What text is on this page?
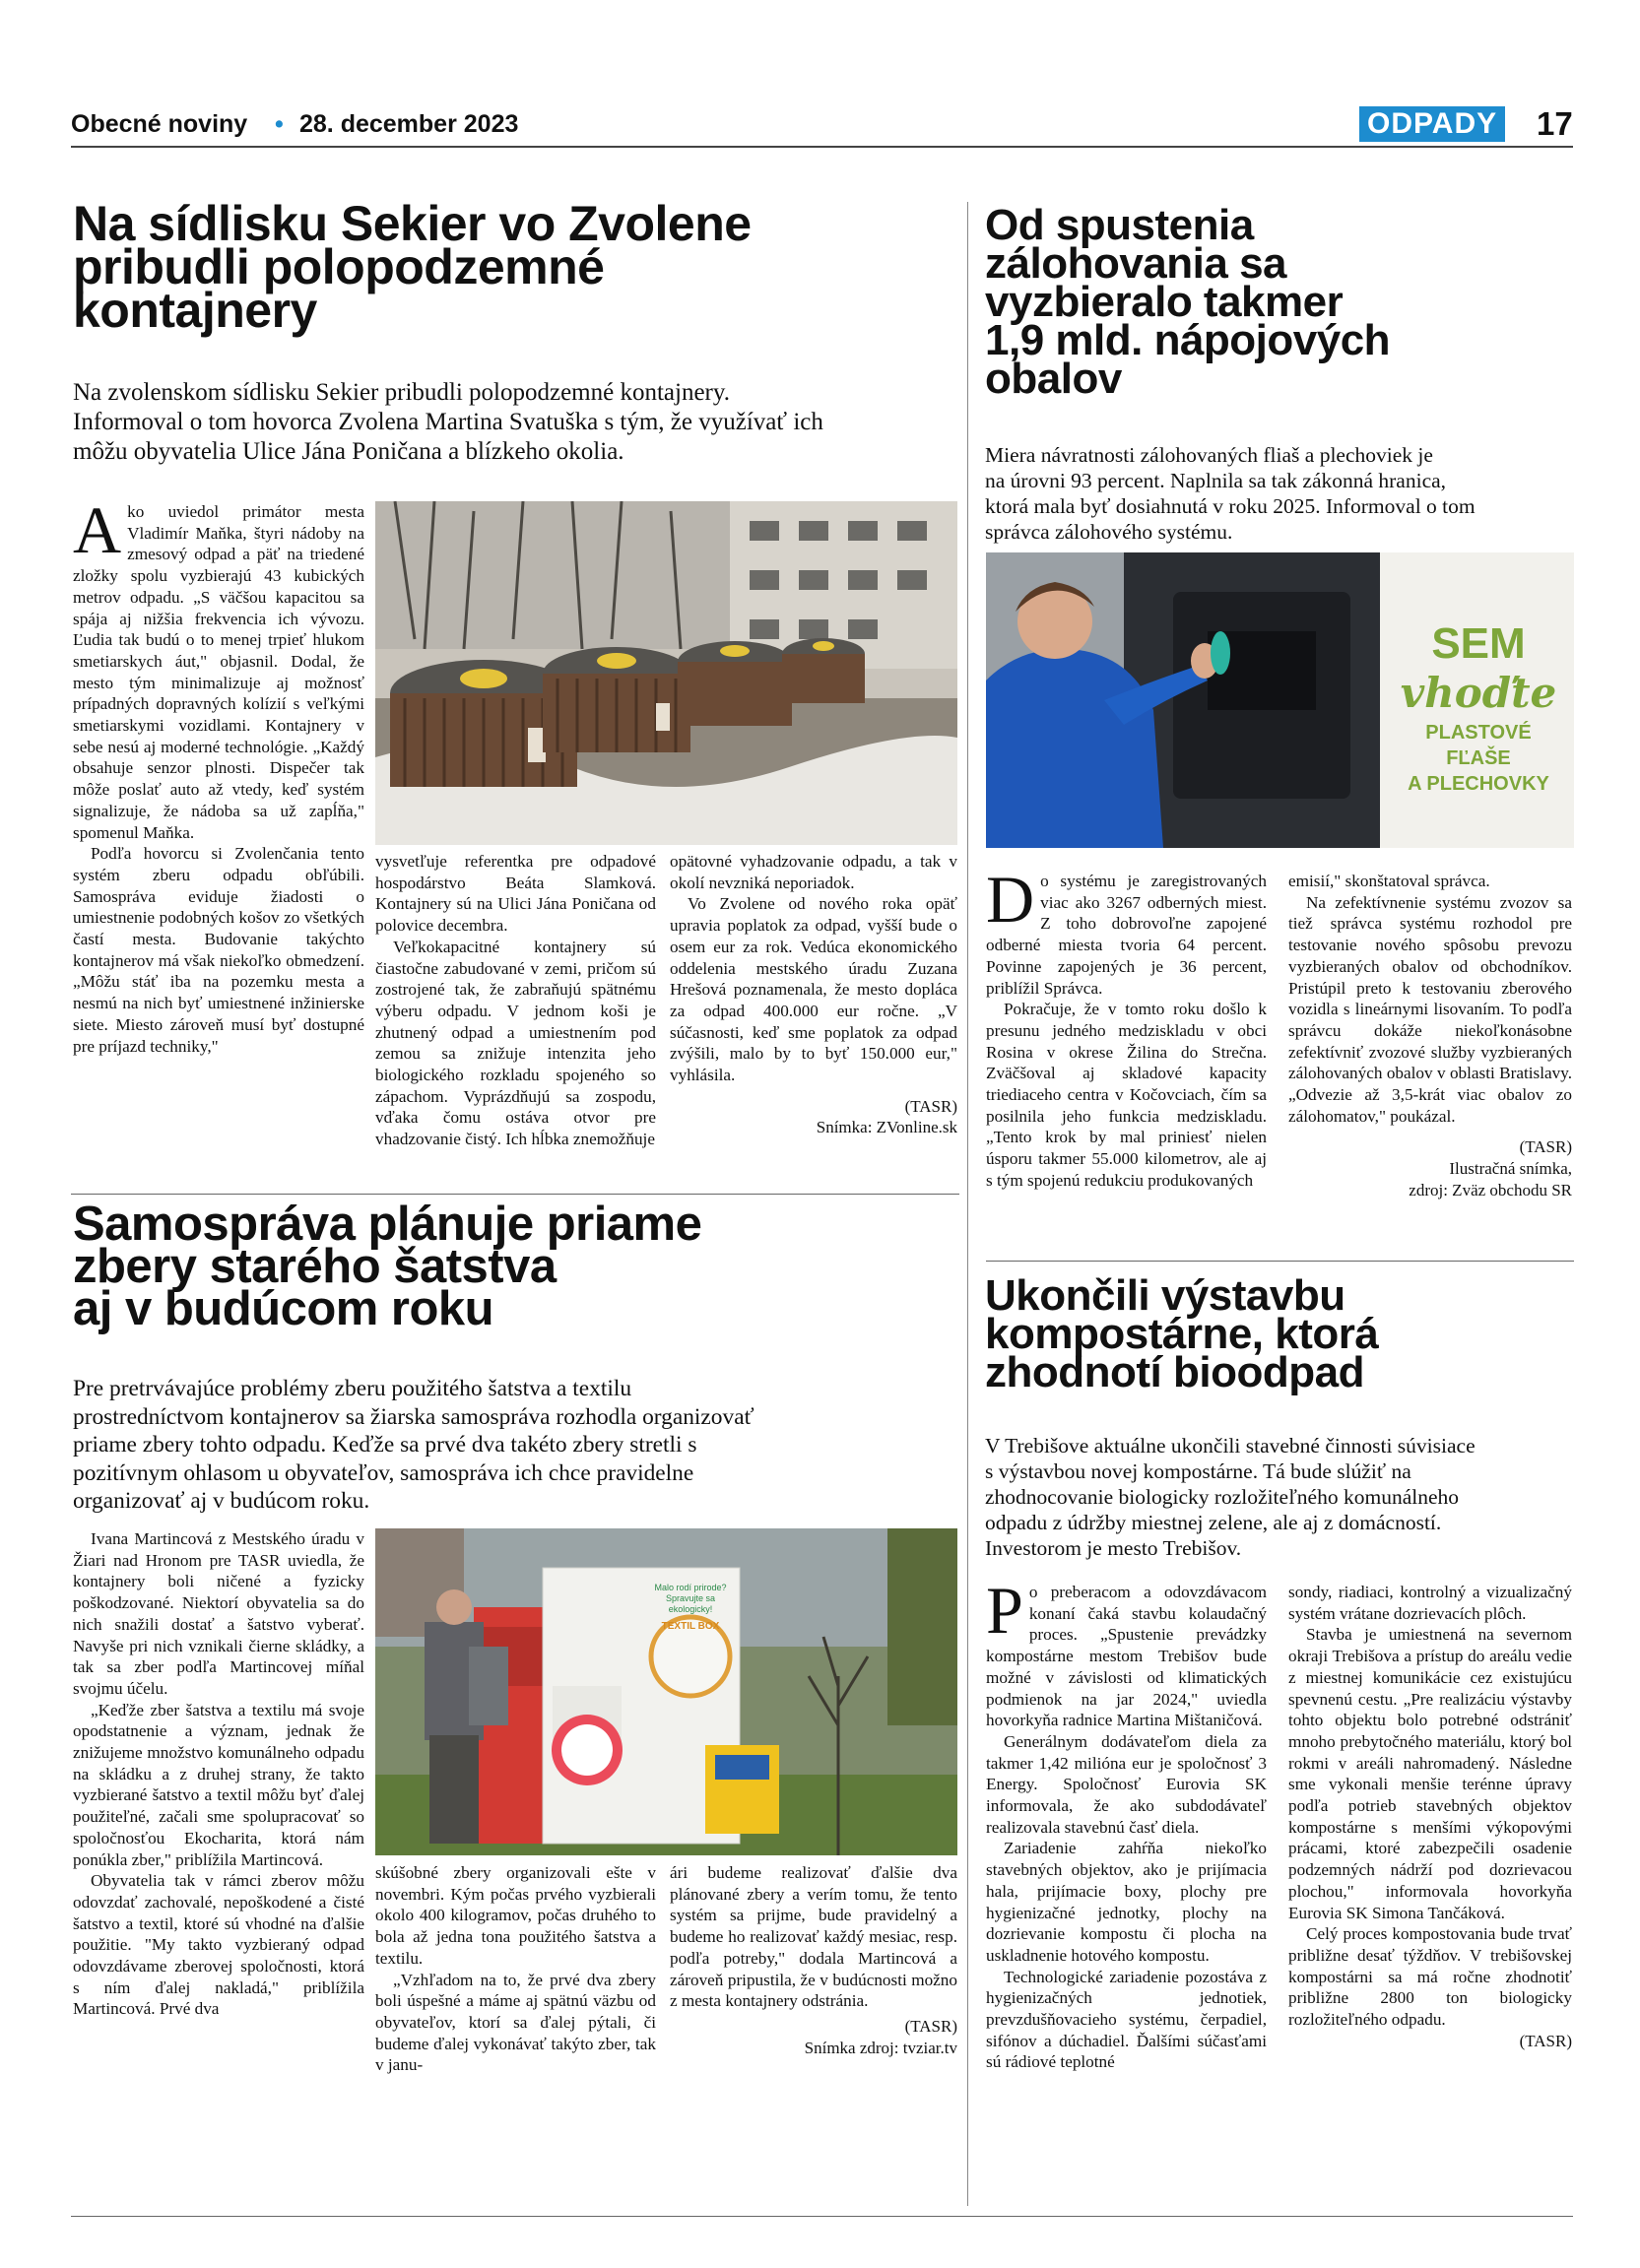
Obecné noviny • 28. december 2023	ODPADY 17
Na sídlisku Sekier vo Zvolene
pribudli polopodzemné
kontajnery
Na zvolenskom sídlisku Sekier pribudli polopodzemné kontajnery.
Informoval o tom hovorca Zvolena Martina Svatuška s tým, že využívať ich
môžu obyvatelia Ulice Jána Poničana a blízkeho okolia.

Ako uviedol primátor mesta Vladimír Maňka, štyri nádoby na zmesový odpad a päť na triedené zložky spolu vyzbierajú 43 kubických metrov odpadu. „S väčšou kapacitou sa spája aj nižšia frekvencia ich vývozu. Ľudia tak budú o to menej trpieť hlukom smetiarskych áut," objasnil. Dodal, že mesto tým minimalizuje aj možnosť prípadných dopravných kolízií s veľkými smetiarskymi vozidlami. Kontajnery v sebe nesú aj moderné technológie. „Každý obsahuje senzor plnosti. Dispečer tak môže poslať auto až vtedy, keď systém signalizuje, že nádoba sa už zapĺňa," spomenul Maňka.

Podľa hovorcu si Zvolenčania tento systém zberu odpadu obľúbili. Samospráva eviduje žiadosti o umiestnenie podobných košov zo všetkých častí mesta. Budovanie takýchto kontajnerov má však niekoľko obmedzení. „Môžu stáť iba na pozemku mesta a nesmú na nich byť umiestnené inžinierske siete. Miesto zároveň musí byť dostupné pre príjazd techniky,"

vysvetľuje referentka pre odpadové hospodárstvo Beáta Slamková. Kontajnery sú na Ulici Jána Poničana od polovice decembra.

Veľkokapacitné kontajnery sú čiastočne zabudované v zemi, pričom sú zostrojené tak, že zabraňujú spätnému výberu odpadu. V jednom koši je zhutnený odpad a umiestnením pod zemou sa znižuje intenzita jeho biologického rozkladu spojeného so zápachom. Vyprázdňujú sa zospodu, vďaka čomu ostáva otvor pre vhadzovanie čistý. Ich hĺbka znemožňuje

opätovné vyhadzovanie odpadu, a tak v okolí nevzniká neporiadok.

Vo Zvolene od nového roka opäť upravia poplatok za odpad, vyšší bude o osem eur za rok. Vedúca ekonomického oddelenia mestského úradu Zuzana Hrešová poznamenala, že mesto dopláca za odpad 400.000 eur ročne. „V súčasnosti, keď sme poplatok za odpad zvýšili, malo by to byť 150.000 eur," vyhlásila.

(TASR)
Snímka: ZVonline.sk
Od spustenia
zálohovania sa
vyzbieralo takmer
1,9 mld. nápojových
obalov
Miera návratnosti zálohovaných fliaš a plechoviek je
na úrovni 93 percent. Naplnila sa tak zákonná hranica,
ktorá mala byť dosiahnutá v roku 2025. Informoval o tom
správca zálohového systému.
SEM
vhoďte
PLASTOVÉ
FĽAŠE
A PLECHOVKY

Do systému je zaregistrovaných viac ako 3267 odberných miest. Z toho dobrovoľne zapojené odberné miesta tvoria 64 percent. Povinne zapojených je 36 percent, priblížil Správca.

Pokračuje, že v tomto roku došlo k presunu jedného medziskladu v obci Rosina v okrese Žilina do Strečna. Zväčšoval aj skladové kapacity triediaceho centra v Kočovciach, čím sa posilnila jeho funkcia medziskladu. „Tento krok by mal priniesť nielen úsporu takmer 55.000 kilometrov, ale aj s tým spojenú redukciu produkovaných

emisií," skonštatoval správca.

Na zefektívnenie systému zvozov sa tiež správca systému rozhodol pre testovanie nového spôsobu prevozu vyzbieraných obalov od obchodníkov. Pristúpil preto k testovaniu zberového vozidla s lineárnymi lisovaním. To podľa správcu dokáže niekoľkonásobne zefektívniť zvozové služby vyzbieraných zálohovaných obalov v oblasti Bratislavy. „Odvezie až 3,5-krát viac obalov zo zálohomatov," poukázal.

(TASR)
Ilustračná snímka,
zdroj: Zväz obchodu SR
Samospráva plánuje priame
zbery starého šatstva
aj v budúcom roku
Pre pretrvávajúce problémy zberu použitého šatstva a textilu
prostredníctvom kontajnerov sa žiarska samospráva rozhodla organizovať
priame zbery tohto odpadu. Keďže sa prvé dva takéto zbery stretli s
pozitívnym ohlasom u obyvateľov, samospráva ich chce pravidelne
organizovať aj v budúcom roku.
Malo rodí prirode?
Spravujte sa
ekologicky!
TEXTIL BOX

Ivana Martincová z Mestského úradu v Žiari nad Hronom pre TASR uviedla, že kontajnery boli ničené a fyzicky poškodzované. Niektorí obyvatelia sa do nich snažili dostať a šatstvo vyberať. Navyše pri nich vznikali čierne skládky, a tak sa zber podľa Martincovej míňal svojmu účelu.

„Keďže zber šatstva a textilu má svoje opodstatnenie a význam, jednak že znižujeme množstvo komunálneho odpadu na skládku a z druhej strany, že takto vyzbierané šatstvo a textil môžu byť ďalej použiteľné, začali sme spolupracovať so spoločnosťou Ekocharita, ktorá nám ponúkla zber," priblížila Martincová.

Obyvatelia tak v rámci zberov môžu odovzdať zachovalé, nepoškodené a čisté šatstvo a textil, ktoré sú vhodné na ďalšie použitie. "My takto vyzbieraný odpad odovzdávame zberovej spoločnosti, ktorá s ním ďalej nakladá," priblížila Martincová. Prvé dva

skúšobné zbery organizovali ešte v novembri. Kým počas prvého vyzbierali okolo 400 kilogramov, počas druhého to bola až jedna tona použitého šatstva a textilu.

„Vzhľadom na to, že prvé dva zbery boli úspešné a máme aj spätnú väzbu od obyvateľov, ktorí sa ďalej pýtali, či budeme ďalej vykonávať takýto zber, tak v janu-

ári budeme realizovať ďalšie dva plánované zbery a verím tomu, že tento systém sa prijme, bude pravidelný a budeme ho realizovať každý mesiac, resp. podľa potreby," dodala Martincová a zároveň pripustila, že v budúcnosti možno z mesta kontajnery odstránia.

(TASR)
Snímka zdroj: tvziar.tv
Ukončili výstavbu
kompostárne, ktorá
zhodnotí bioodpad
V Trebišove aktuálne ukončili stavebné činnosti súvisiace
s výstavbou novej kompostárne. Tá bude slúžiť na
zhodnocovanie biologicky rozložiteľného komunálneho
odpadu z údržby miestnej zelene, ale aj z domácností.
Investorom je mesto Trebišov.

Po preberacom a odovzdávacom konaní čaká stavbu kolaudačný proces. „Spustenie prevádzky kompostárne mestom Trebišov bude možné v závislosti od klimatických podmienok na jar 2024," uviedla hovorkyňa radnice Martina Mištaničová.

Generálnym dodávateľom diela za takmer 1,42 milióna eur je spoločnosť 3 Energy. Spoločnosť Eurovia SK informovala, že ako subdodávateľ realizovala stavebnú časť diela.

Zariadenie zahŕňa niekoľko stavebných objektov, ako je prijímacia hala, prijímacie boxy, plochy pre hygienizačné jednotky, plochy na dozrievanie kompostu či plocha na uskladnenie hotového kompostu.

Technologické zariadenie pozostáva z hygienizačných jednotiek, prevzdušňovacieho systému, čerpadiel, sifónov a dúchadiel. Ďalšími súčasťami sú rádiové teplotné

sondy, riadiaci, kontrolný a vizualizačný systém vrátane dozrievacích plôch.

Stavba je umiestnená na severnom okraji Trebišova a prístup do areálu vedie z miestnej komunikácie cez existujúcu spevnenú cestu. „Pre realizáciu výstavby tohto objektu bolo potrebné odstrániť mnoho prebytočného materiálu, ktorý bol rokmi v areáli nahromadený. Následne sme vykonali menšie terénne úpravy podľa potrieb stavebných objektov kompostárne s menšími výkopovými prácami, ktoré zabezpečili osadenie podzemných nádrží pod dozrievacou plochou," informovala hovorkyňa Eurovia SK Simona Tančáková.

Celý proces kompostovania bude trvať približne desať týždňov. V trebišovskej kompostárni sa má ročne zhodnotiť približne 2800 ton biologicky rozložiteľného odpadu.

(TASR)
